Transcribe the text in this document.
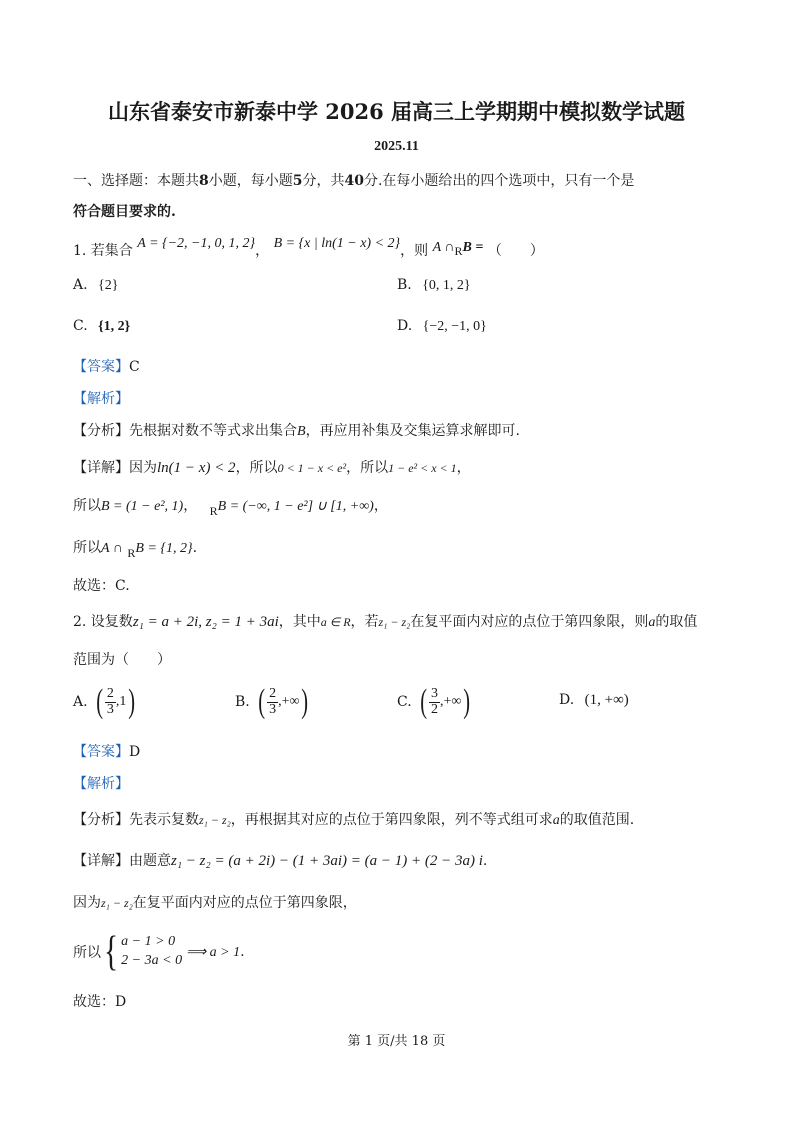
山东省泰安市新泰中学 2026 届高三上学期期中模拟数学试题
2025.11
一、选择题：本题共8小题，每小题5分，共40分.在每小题给出的四个选项中，只有一个是
符合题目要求的.
1. 若集合 A = {−2, −1, 0, 1, 2}， B = {x | ln(1 − x) < 2}，则 A ∩RB = （　　）
A. {2}	B. {0, 1, 2}
C. {1, 2}	D. {−2, −1, 0}
【答案】C
【解析】
【分析】先根据对数不等式求出集合B，再应用补集及交集运算求解即可.
【详解】因为ln(1 − x) < 2，所以0 < 1 − x < e²，所以1 − e² < x < 1，
所以B = (1 − e², 1)， RB = (−∞, 1 − e²] ∪ [1, +∞)，
所以A ∩ RB = {1, 2}.
故选：C.
2. 设复数z₁ = a + 2i, z₂ = 1 + 3ai，其中a ∈ R，若z₁ − z₂在复平面内对应的点位于第四象限，则a的取值
范围为（　　）
A. ( $\frac{2}{3} ,1$ )	B. ( $\frac{2}{3}$ ,+∞ )	C. ( $\frac{3}{2}$ ,+∞ )	D. (1, +∞)
【答案】D
【解析】
【分析】先表示复数z₁ − z₂，再根据其对应的点位于第四象限，列不等式组可求a的取值范围.
【详解】由题意z₁ − z₂ = (a + 2i) − (1 + 3ai) = (a − 1) + (2 − 3a) i.
因为z₁ − z₂在复平面内对应的点位于第四象限，
所以 { a − 1 > 0
2 − 3a < 0
⟹ a > 1 .
故选：D
第 1 页/共 18 页
